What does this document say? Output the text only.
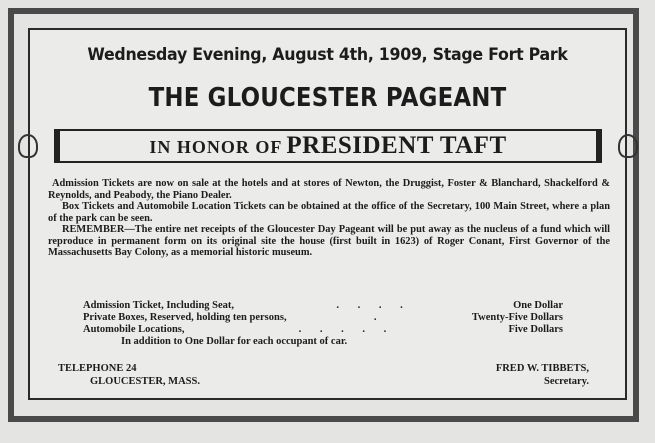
Wednesday Evening, August 4th, 1909, Stage Fort Park
THE GLOUCESTER PAGEANT
IN HONOR OF PRESIDENT TAFT

Admission Tickets are now on sale at the hotels and at stores of Newton, the Druggist, Foster & Blanchard, Shackelford & Reynolds, and Peabody, the Piano Dealer.

Box Tickets and Automobile Location Tickets can be obtained at the office of the Secretary, 100 Main Street, where a plan of the park can be seen.

REMEMBER—The entire net receipts of the Gloucester Day Pageant will be put away as the nucleus of a fund which will reproduce in permanent form on its original site the house (first built in 1623) of Roger Conant, First Governor of the Massachusetts Bay Colony, as a memorial historic museum.

Admission Ticket, Including Seat,	. . . .	One Dollar
Private Boxes, Reserved, holding ten persons,	.	Twenty-Five Dollars
Automobile Locations,	. . . . .	Five Dollars
In addition to One Dollar for each occupant of car.
TELEPHONE 24
GLOUCESTER, MASS.
FRED W. TIBBETS,
Secretary.
